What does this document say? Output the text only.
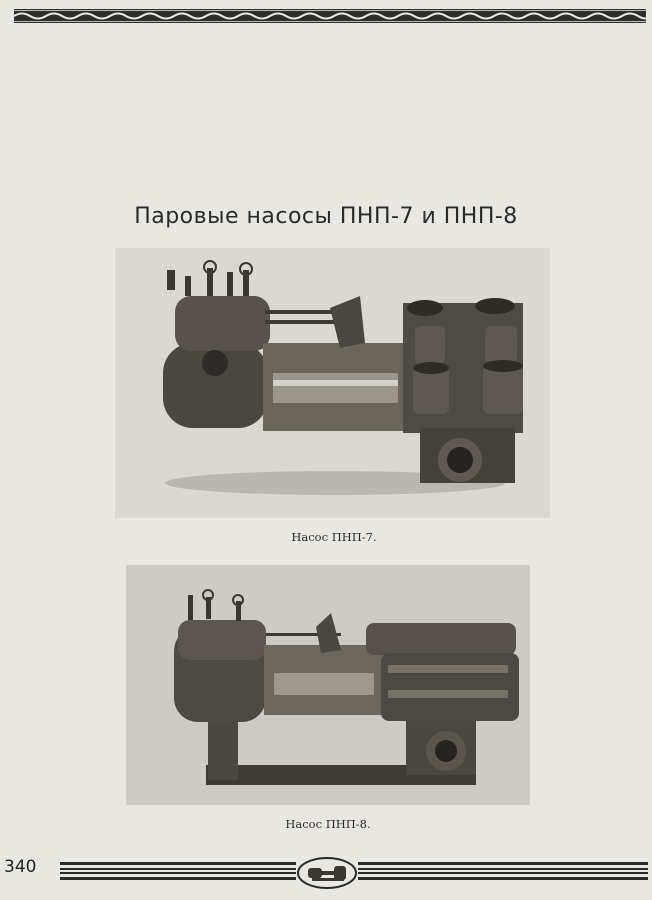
Паровые насосы ПНП-7 и ПНП-8
Насос ПНП-7.
Насос ПНП-8.
340
